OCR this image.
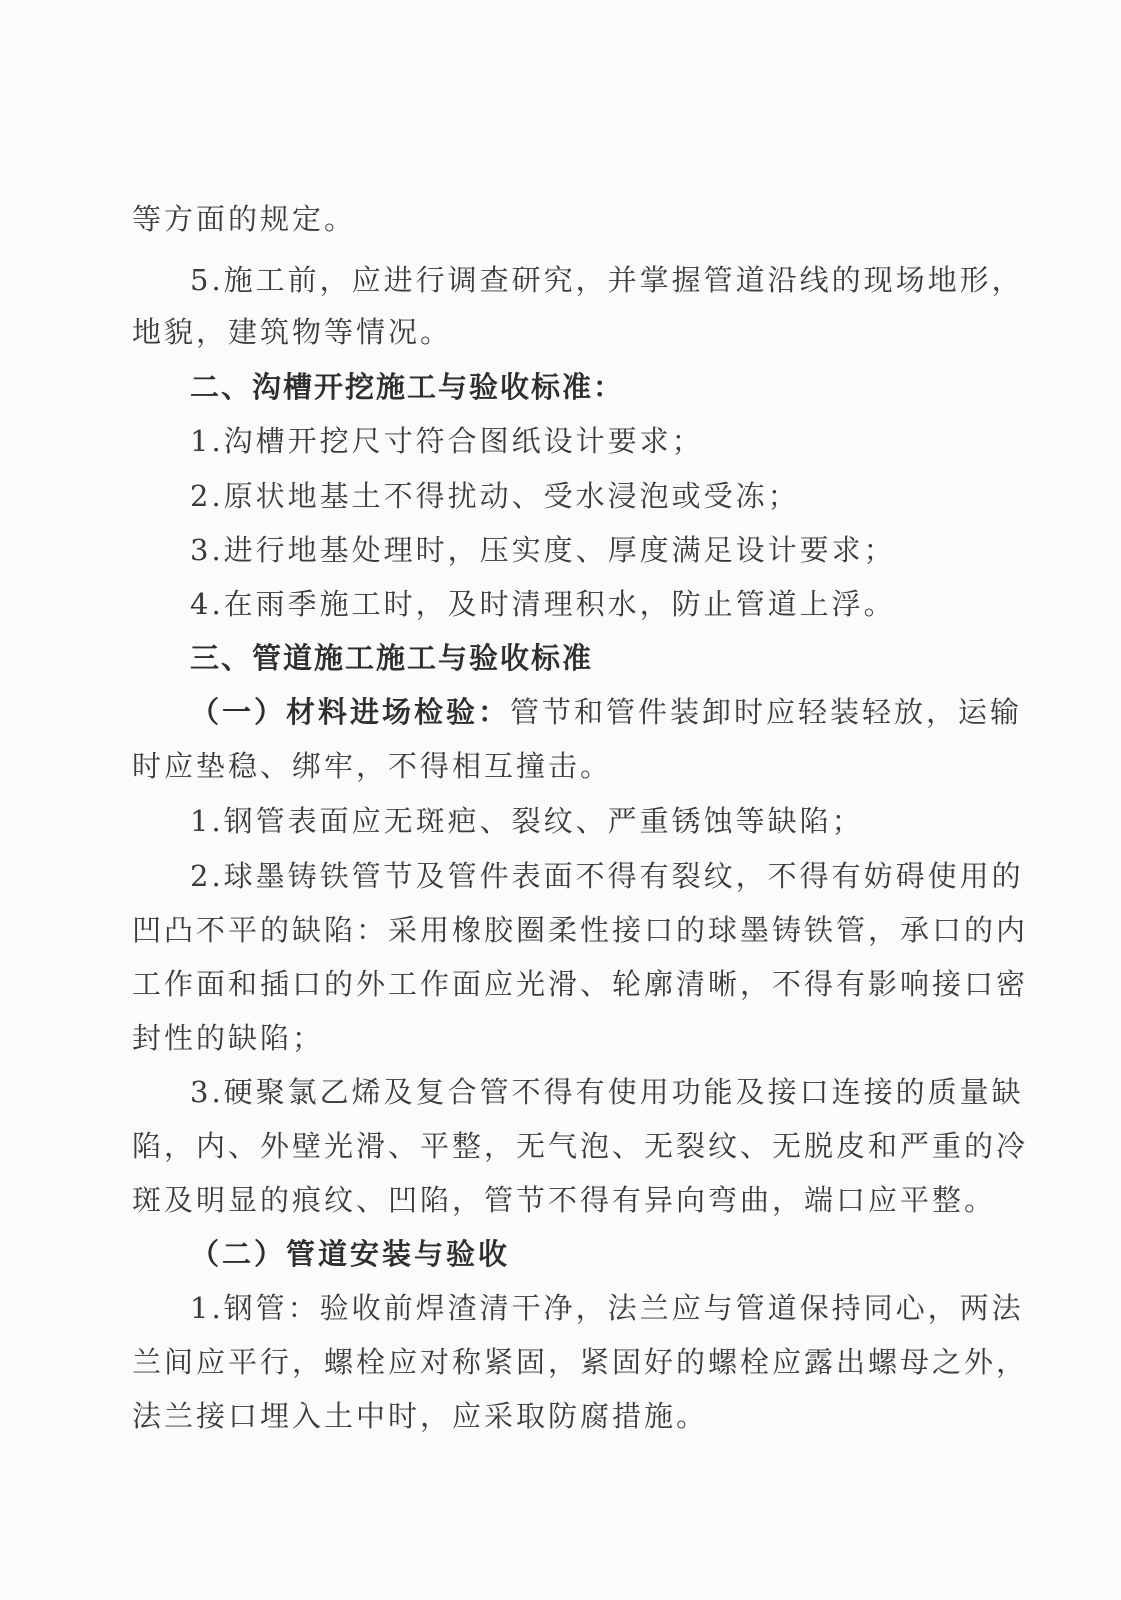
等方面的规定。
5.施工前，应进行调查研究，并掌握管道沿线的现场地形，
地貌，建筑物等情况。
二、沟槽开挖施工与验收标准：
1.沟槽开挖尺寸符合图纸设计要求；
2.原状地基土不得扰动、受水浸泡或受冻；
3.进行地基处理时，压实度、厚度满足设计要求；
4.在雨季施工时，及时清理积水，防止管道上浮。
三、管道施工施工与验收标准
（一）材料进场检验：管节和管件装卸时应轻装轻放，运输
时应垫稳、绑牢，不得相互撞击。
1.钢管表面应无斑疤、裂纹、严重锈蚀等缺陷；
2.球墨铸铁管节及管件表面不得有裂纹，不得有妨碍使用的
凹凸不平的缺陷：采用橡胶圈柔性接口的球墨铸铁管，承口的内
工作面和插口的外工作面应光滑、轮廓清晰，不得有影响接口密
封性的缺陷；
3.硬聚氯乙烯及复合管不得有使用功能及接口连接的质量缺
陷，内、外壁光滑、平整，无气泡、无裂纹、无脱皮和严重的冷
斑及明显的痕纹、凹陷，管节不得有异向弯曲，端口应平整。
（二）管道安装与验收
1.钢管：验收前焊渣清干净，法兰应与管道保持同心，两法
兰间应平行，螺栓应对称紧固，紧固好的螺栓应露出螺母之外，
法兰接口埋入土中时，应采取防腐措施。
